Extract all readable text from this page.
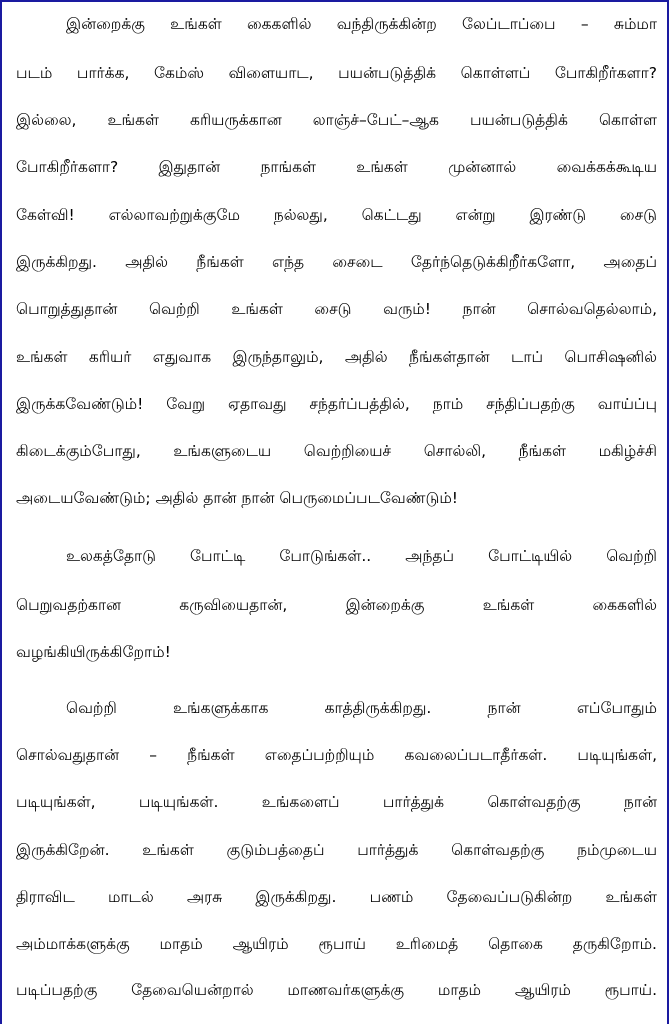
இன்றைக்கு உங்கள் கைகளில் வந்திருக்கின்ற லேப்டாப்பை – சும்மா
படம் பார்க்க, கேம்ஸ் விளையாட, பயன்படுத்திக் கொள்ளப் போகிறீர்களா?
இல்லை, உங்கள் கரியருக்கான லாஞ்ச்–பேட்–ஆக பயன்படுத்திக் கொள்ள
போகிறீர்களா? இதுதான் நாங்கள் உங்கள் முன்னால் வைக்கக்கூடிய
கேள்வி! எல்லாவற்றுக்குமே நல்லது, கெட்டது என்று இரண்டு சைடு
இருக்கிறது. அதில் நீங்கள் எந்த சைடை தேர்ந்தெடுக்கிறீர்களோ, அதைப்
பொறுத்துதான் வெற்றி உங்கள் சைடு வரும்! நான் சொல்வதெல்லாம்,
உங்கள் கரியர் எதுவாக இருந்தாலும், அதில் நீங்கள்தான் டாப் பொசிஷனில்
இருக்கவேண்டும்! வேறு ஏதாவது சந்தர்ப்பத்தில், நாம் சந்திப்பதற்கு வாய்ப்பு
கிடைக்கும்போது, உங்களுடைய வெற்றியைச் சொல்லி, நீங்கள் மகிழ்ச்சி
அடையவேண்டும்; அதில் தான் நான் பெருமைப்படவேண்டும்!
உலகத்தோடு போட்டி போடுங்கள்.. அந்தப் போட்டியில் வெற்றி
பெறுவதற்கான கருவியைதான், இன்றைக்கு உங்கள் கைகளில்
வழங்கியிருக்கிறோம்!
வெற்றி உங்களுக்காக காத்திருக்கிறது. நான் எப்போதும்
சொல்வதுதான் – நீங்கள் எதைப்பற்றியும் கவலைப்படாதீர்கள். படியுங்கள்,
படியுங்கள், படியுங்கள். உங்களைப் பார்த்துக் கொள்வதற்கு நான்
இருக்கிறேன். உங்கள் குடும்பத்தைப் பார்த்துக் கொள்வதற்கு நம்முடைய
திராவிட மாடல் அரசு இருக்கிறது. பணம் தேவைப்படுகின்ற உங்கள்
அம்மாக்களுக்கு மாதம் ஆயிரம் ரூபாய் உரிமைத் தொகை தருகிறோம்.
படிப்பதற்கு தேவையென்றால் மாணவர்களுக்கு மாதம் ஆயிரம் ரூபாய்.
